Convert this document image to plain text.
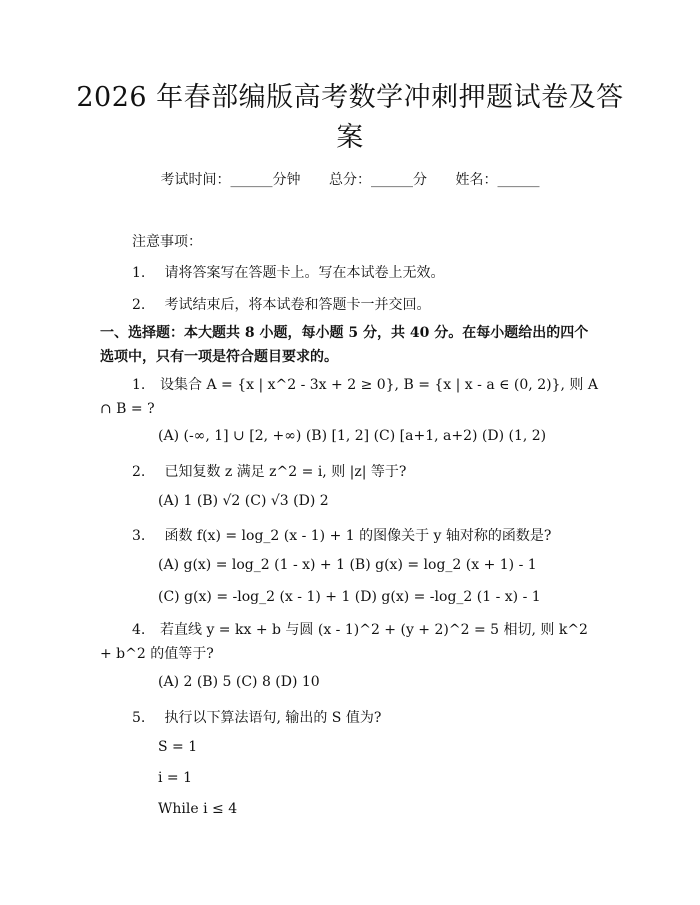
2026 年春部编版高考数学冲刺押题试卷及答案
考试时间：______分钟 总分：______分 姓名：______
注意事项：
1. 请将答案写在答题卡上。写在本试卷上无效。
2. 考试结束后，将本试卷和答题卡一并交回。
一、选择题：本大题共 8 小题，每小题 5 分，共 40 分。在每小题给出的四个选项中，只有一项是符合题目要求的。
1. 设集合 A = {x | x^2 - 3x + 2 ≥ 0}, B = {x | x - a ∈ (0, 2)}, 则 A ∩ B = ?
(A) (-∞, 1] ∪ [2, +∞) (B) [1, 2] (C) [a+1, a+2) (D) (1, 2)
2. 已知复数 z 满足 z^2 = i, 则 |z| 等于?
(A) 1 (B) √2 (C) √3 (D) 2
3. 函数 f(x) = log_2 (x - 1) + 1 的图像关于 y 轴对称的函数是?
(A) g(x) = log_2 (1 - x) + 1 (B) g(x) = log_2 (x + 1) - 1
(C) g(x) = -log_2 (x - 1) + 1 (D) g(x) = -log_2 (1 - x) - 1
4. 若直线 y = kx + b 与圆 (x - 1)^2 + (y + 2)^2 = 5 相切, 则 k^2 + b^2 的值等于?
(A) 2 (B) 5 (C) 8 (D) 10
5. 执行以下算法语句, 输出的 S 值为?
S = 1
i = 1
While i ≤ 4
